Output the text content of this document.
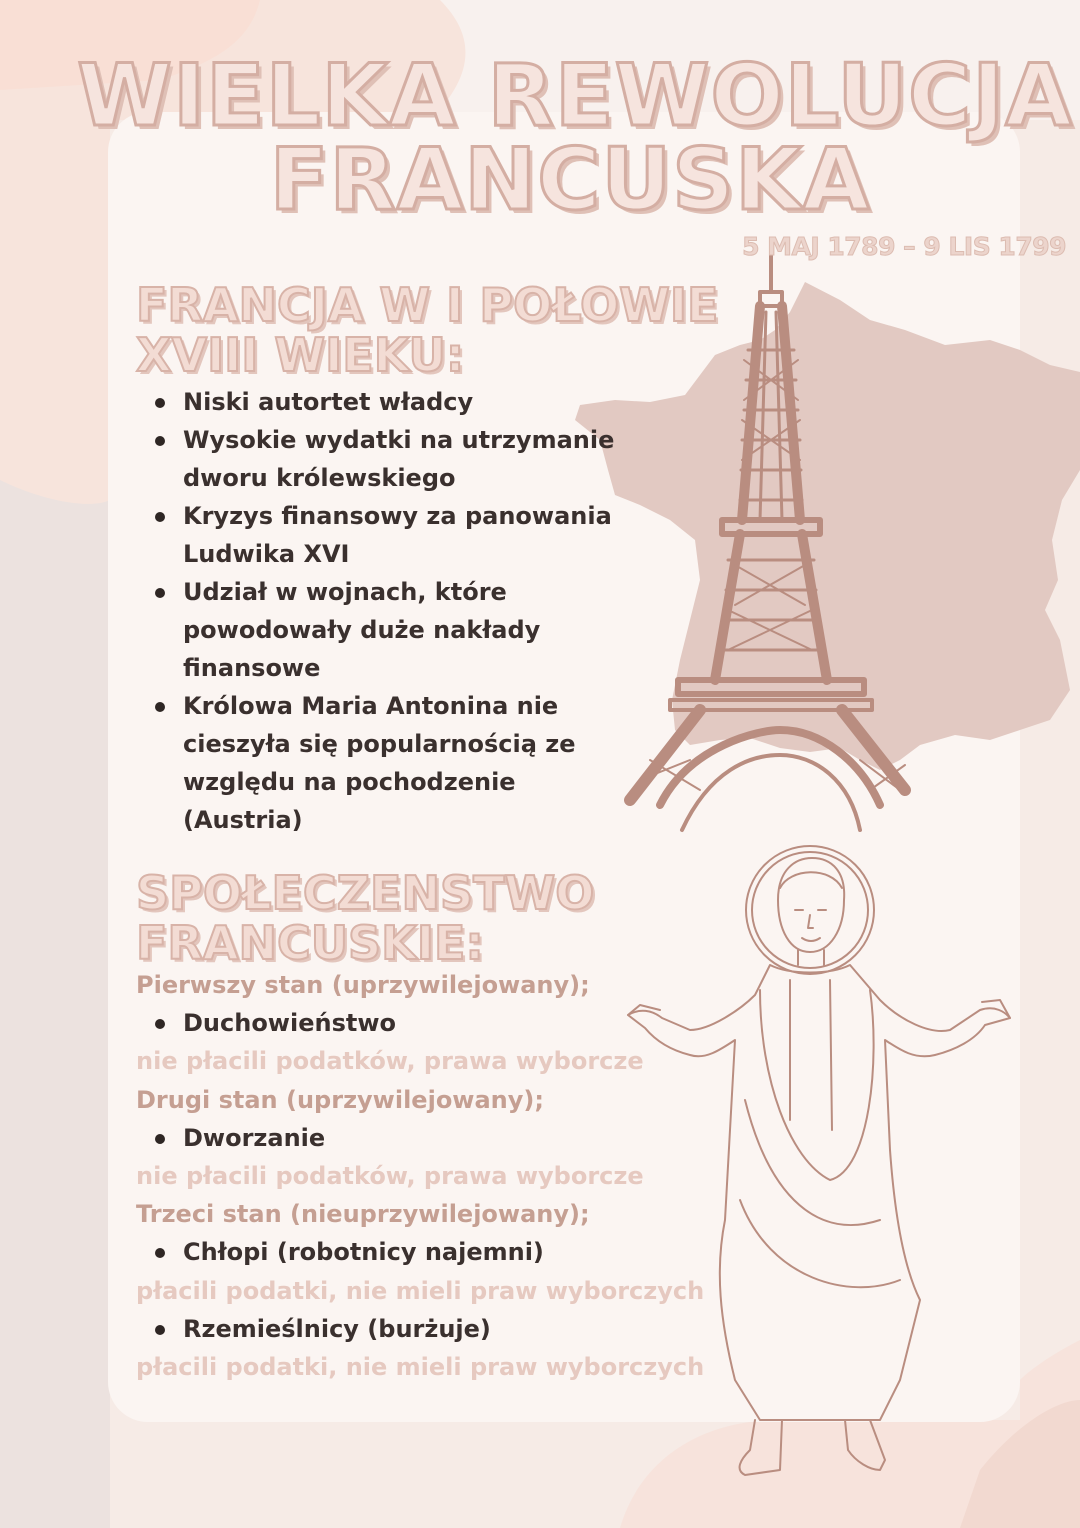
WIELKA REWOLUCJA
FRANCUSKA
5 MAJ 1789 – 9 LIS 1799
FRANCJA W I POŁOWIE
XVIII WIEKU:
Niski autortet władcy
Wysokie wydatki na utrzymanie dworu królewskiego
Kryzys finansowy za panowania Ludwika XVI
Udział w wojnach, które powodowały duże nakłady finansowe
Królowa Maria Antonina nie cieszyła się popularnością ze względu na pochodzenie (Austria)
SPOŁECZENSTWO
FRANCUSKIE:
Pierwszy stan (uprzywilejowany);
Duchowieństwo
nie płacili podatków, prawa wyborcze
Drugi stan (uprzywilejowany);
Dworzanie
nie płacili podatków, prawa wyborcze
Trzeci stan (nieuprzywilejowany);
Chłopi (robotnicy najemni)
płacili podatki, nie mieli praw wyborczych
Rzemieślnicy (burżuje)
płacili podatki, nie mieli praw wyborczych
